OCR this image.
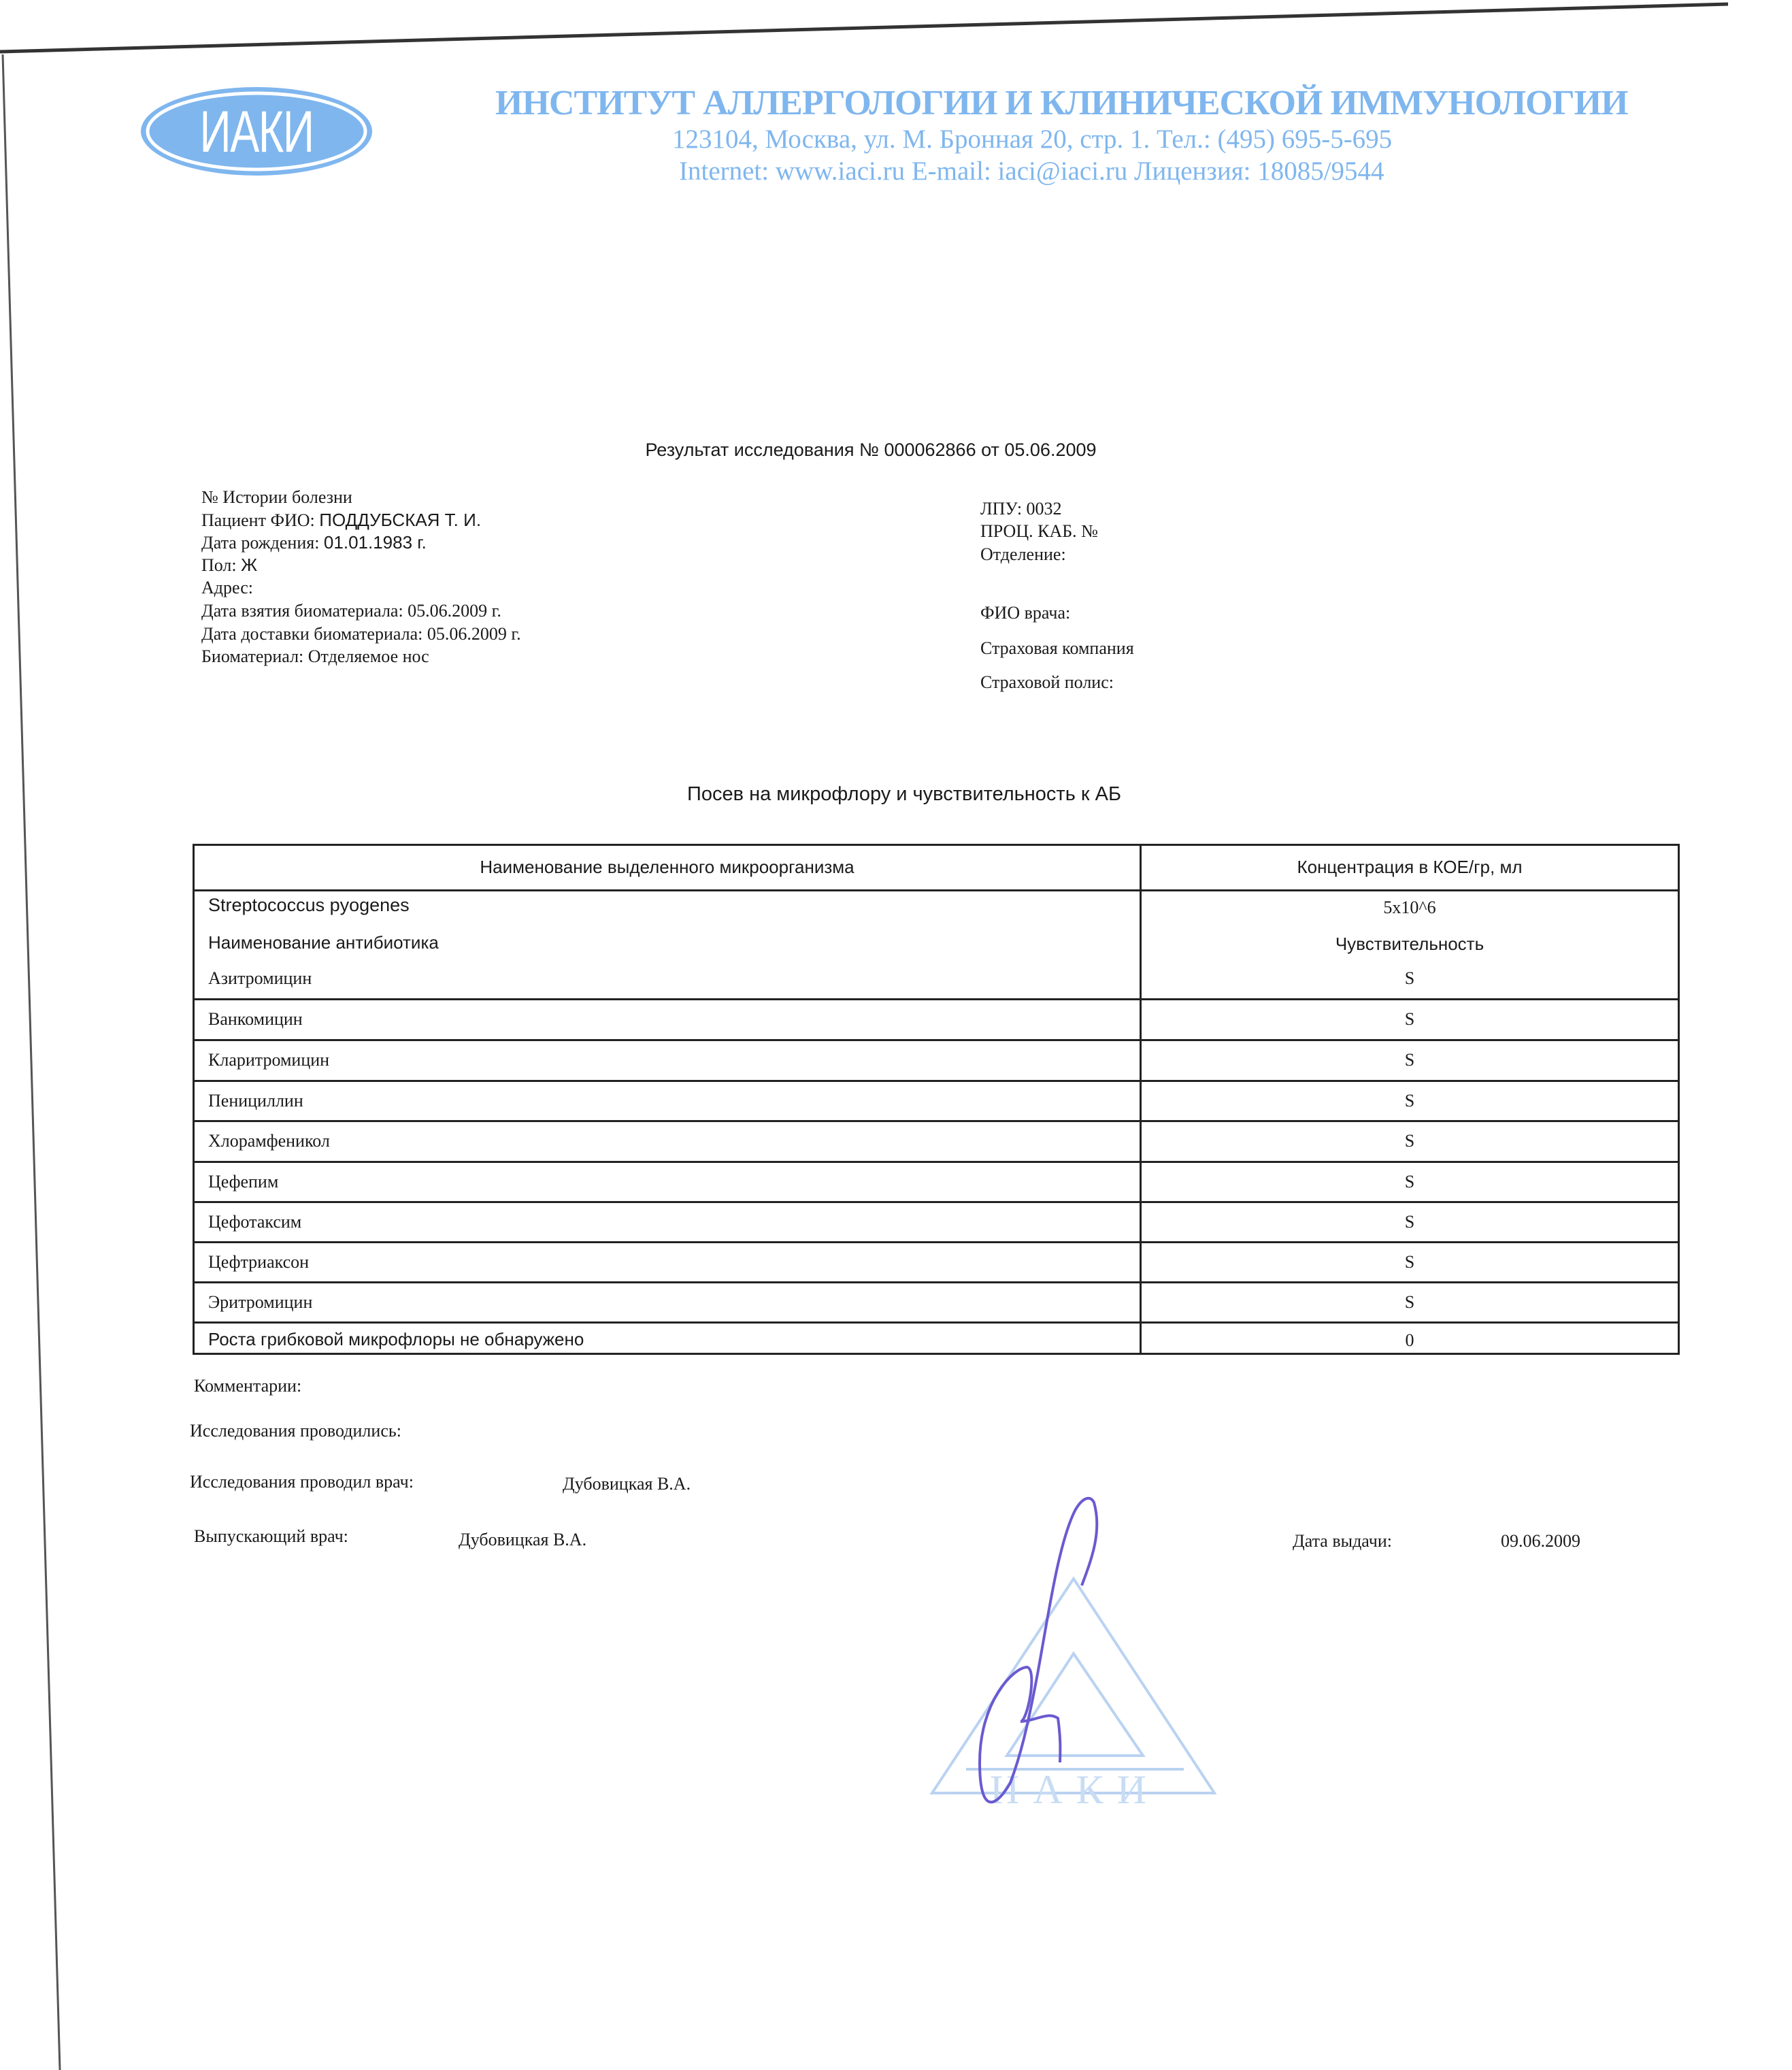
ИАКИ	ИНСТИТУТ АЛЛЕРГОЛОГИИ И КЛИНИЧЕСКОЙ ИММУНОЛОГИИ
123104, Москва, ул. М. Бронная 20, стр. 1. Тел.: (495) 695-5-695
Internet: www.iaci.ru E-mail: iaci@iaci.ru Лицензия: 18085/9544
Результат исследования № 000062866 от 05.06.2009
№ Истории болезни
Пациент ФИО: ПОДДУБСКАЯ Т. И.
Дата рождения: 01.01.1983 г.
Пол: Ж
Адрес:
Дата взятия биоматериала: 05.06.2009 г.
Дата доставки биоматериала: 05.06.2009 г.
Биоматериал: Отделяемое нос
ЛПУ: 0032
ПРОЦ. КАБ. №
Отделение:
ФИО врача:
Страховая компания
Страховой полис:
Посев на микрофлору и чувствительность к АБ
Наименование выделенного микроорганизма	Концентрация в КОЕ/гр, мл
Streptococcus pyogenes	5x10^6
Наименование антибиотика	Чувствительность
Азитромицин	S
Ванкомицин	S
Кларитромицин	S
Пенициллин	S
Хлорамфеникол	S
Цефепим	S
Цефотаксим	S
Цефтриаксон	S
Эритромицин	S
Роста грибковой микрофлоры не обнаружено	0
Комментарии:
Исследования проводились:
Исследования проводил врач:	Дубовицкая В.А.
Выпускающий врач:	Дубовицкая В.А.	Дата выдачи:	09.06.2009
ИАКИ
